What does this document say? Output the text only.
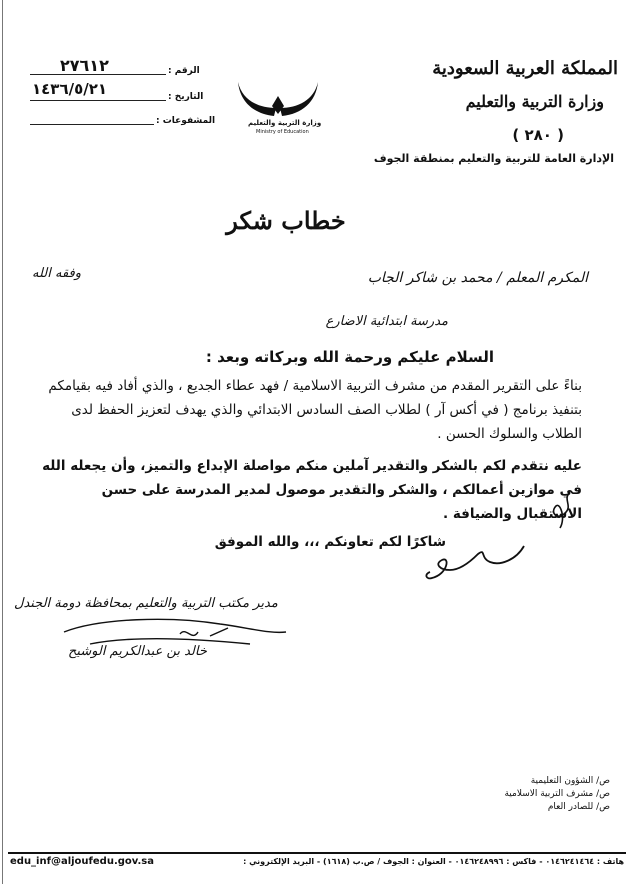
المملكة العربية السعودية
وزارة التربية والتعليم
( ٢٨٠ )
الإدارة العامة للتربية والتعليم بمنطقة الجوف
وزارة التربية والتعليم
Ministry of Education
٢٧٦١٢	الرقم :
١٤٣٦/٥/٢١	التاريخ :
المشفوعات :
خطاب شكر
المكرم المعلم / محمد بن شاكر الجاب
وفقه الله
مدرسة ابتدائية الاضارع
السلام عليكم ورحمة الله وبركاته وبعد :
بناءً على التقرير المقدم من مشرف التربية الاسلامية / فهد عطاء الجديع ، والذي أفاد فيه بقيامكم بتنفيذ برنامج ( في أكس آر ) لطلاب الصف السادس الابتدائي والذي يهدف لتعزيز الحفظ لدى الطلاب والسلوك الحسن .
عليه نتقدم لكم بالشكر والتقدير آملين منكم مواصلة الإبداع والتميز، وأن يجعله الله في موازين أعمالكم ، والشكر والتقدير موصول لمدير المدرسة على حسن الاستقبال والضيافة .
شاكرًا لكم تعاونكم ،،، والله الموفق
مدير مكتب التربية والتعليم بمحافظة دومة الجندل
خالد بن عبدالكريم الوشيح
ص/ الشؤون التعليمية
ص/ مشرف التربية الاسلامية
ص/ للصادر العام
edu_inf@aljoufedu.gov.sa	هاتف : ٠١٤٦٢٤١٤٦٤ - فاكس : ٠١٤٦٢٤٨٩٩٦ - العنوان : الجوف / ص.ب (١٦١٨) - البريد الإلكتروني :
